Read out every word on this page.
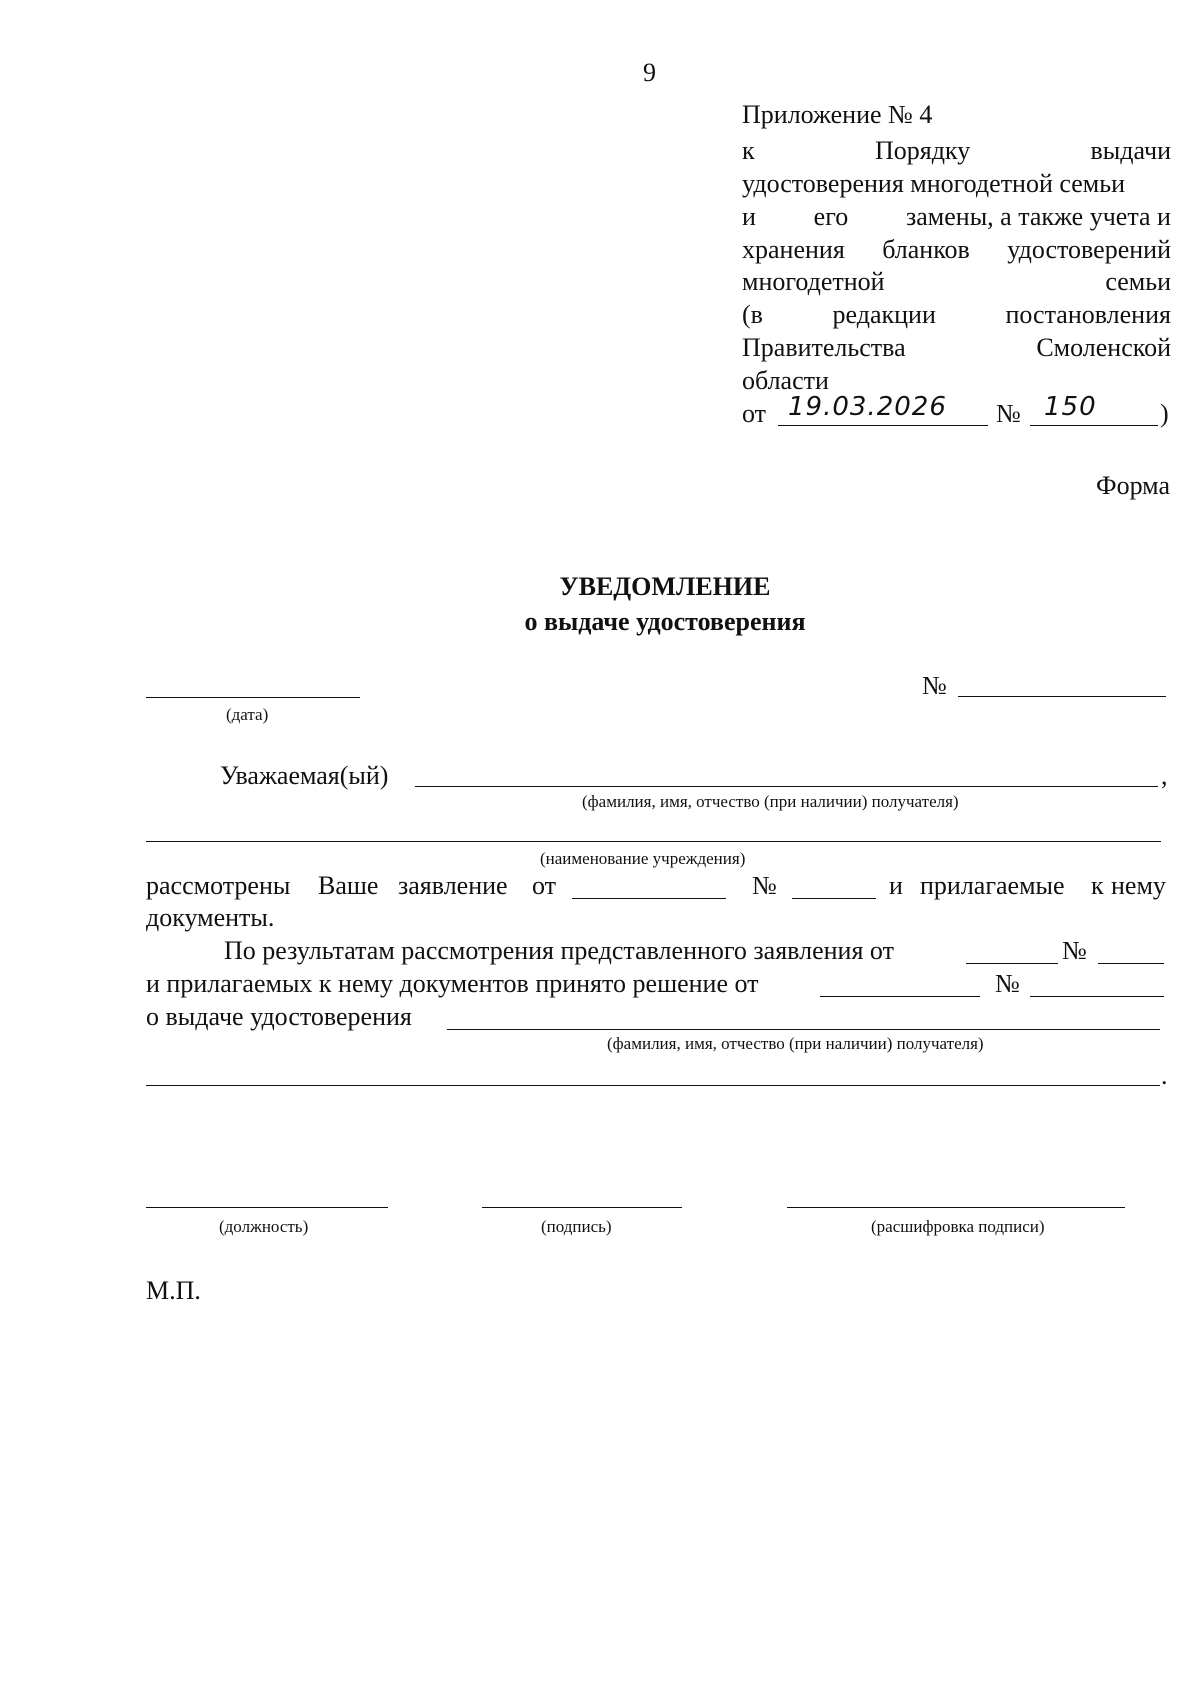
9
Приложение № 4
к	Порядку	выдачи
удостоверения многодетной семьи
и его замены, а также учета и
хранения бланков удостоверений
многодетной	семьи
(в	редакции	постановления
Правительства	Смоленской
области
от 19.03.2026 № 150 )
Форма
УВЕДОМЛЕНИЕ
о выдаче удостоверения
(дата)
№
Уважаемая(ый)	,
(фамилия, имя, отчество (при наличии) получателя)
(наименование учреждения)
рассмотрены Ваше заявление от	№	и прилагаемые к нему
документы.
По результатам рассмотрения представленного заявления от	№
и прилагаемых к нему документов принято решение от	№
о выдаче удостоверения
(фамилия, имя, отчество (при наличии) получателя)
.
(должность)	(подпись)	(расшифровка подписи)
М.П.
